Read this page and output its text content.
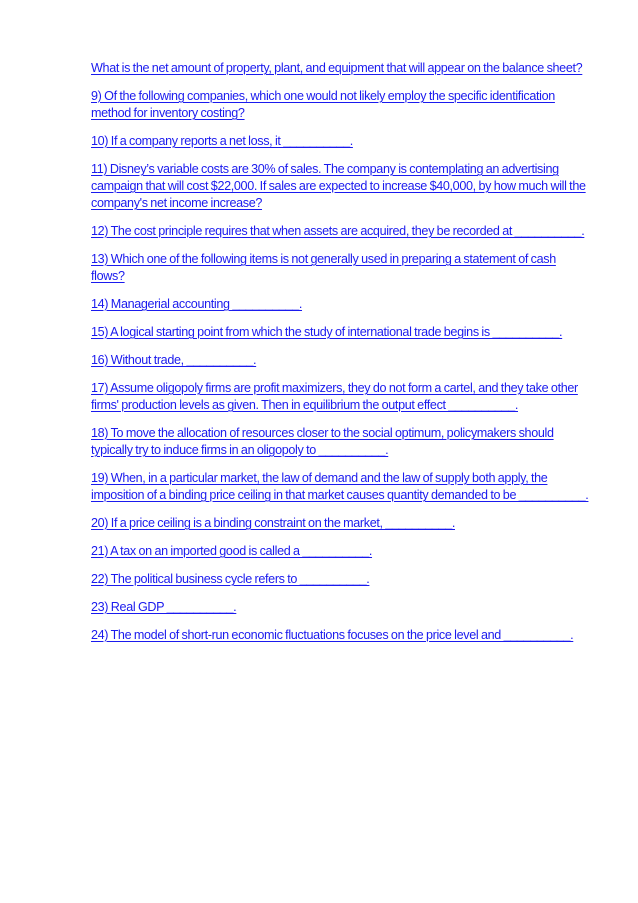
What is the net amount of property, plant, and equipment that will appear on the balance sheet?

9) Of the following companies, which one would not likely employ the specific identification method for inventory costing?

10) If a company reports a net loss, it __________.

11) Disney’s variable costs are 30% of sales. The company is contemplating an advertising campaign that will cost $22,000. If sales are expected to increase $40,000, by how much will the company's net income increase?

12) The cost principle requires that when assets are acquired, they be recorded at __________.

13) Which one of the following items is not generally used in preparing a statement of cash flows?

14) Managerial accounting __________.

15) A logical starting point from which the study of international trade begins is __________.

16) Without trade, __________.

17) Assume oligopoly firms are profit maximizers, they do not form a cartel, and they take other firms' production levels as given. Then in equilibrium the output effect __________.

18) To move the allocation of resources closer to the social optimum, policymakers should typically try to induce firms in an oligopoly to __________.

19) When, in a particular market, the law of demand and the law of supply both apply, the imposition of a binding price ceiling in that market causes quantity demanded to be __________.

20) If a price ceiling is a binding constraint on the market, __________.

21) A tax on an imported good is called a __________.

22) The political business cycle refers to __________.

23) Real GDP __________.

24) The model of short-run economic fluctuations focuses on the price level and __________.
